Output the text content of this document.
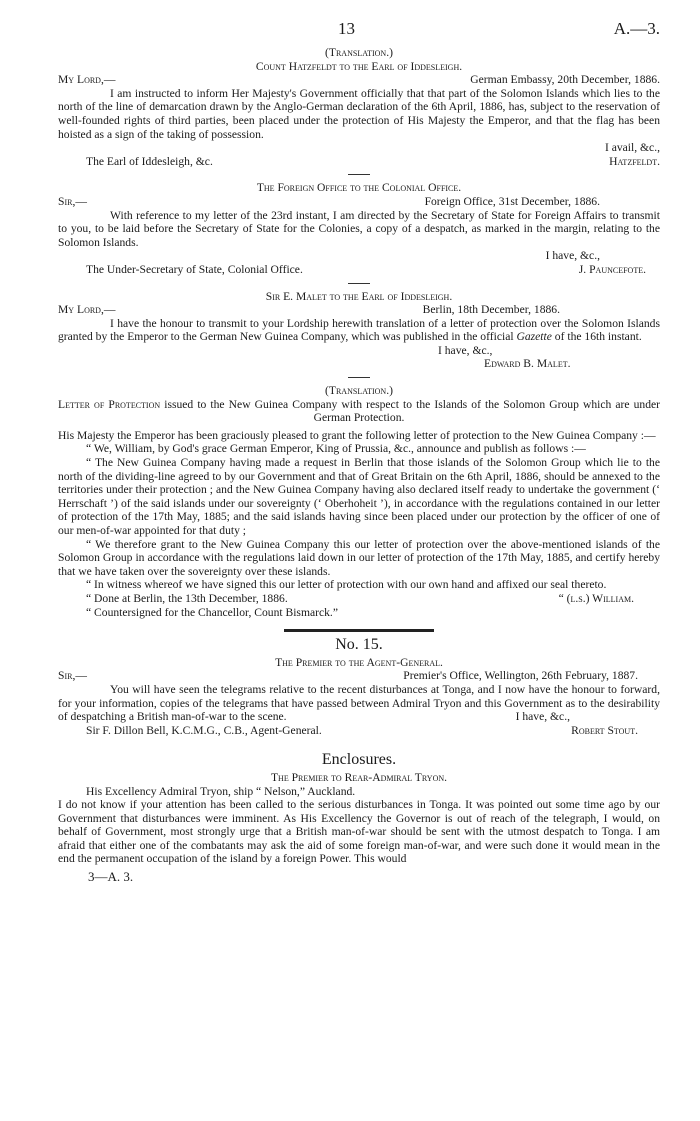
13	A.—3.
(Translation.)
Count Hatzfeldt to the Earl of Iddesleigh.
My Lord,—	German Embassy, 20th December, 1886.

I am instructed to inform Her Majesty's Government officially that that part of the Solomon Islands which lies to the north of the line of demarcation drawn by the Anglo-German declaration of the 6th April, 1886, has, subject to the reservation of well-founded rights of third parties, been placed under the protection of His Majesty the Emperor, and that the flag has been hoisted as a sign of the taking of possession.

I avail, &c.,
The Earl of Iddesleigh, &c.	Hatzfeldt.
The Foreign Office to the Colonial Office.
Sir,—	Foreign Office, 31st December, 1886.

With reference to my letter of the 23rd instant, I am directed by the Secretary of State for Foreign Affairs to transmit to you, to be laid before the Secretary of State for the Colonies, a copy of a despatch, as marked in the margin, relating to the Solomon Islands.

I have, &c.,
The Under-Secretary of State, Colonial Office.	J. Pauncefote.
Sir E. Malet to the Earl of Iddesleigh.
My Lord,—	Berlin, 18th December, 1886.

I have the honour to transmit to your Lordship herewith translation of a letter of protection over the Solomon Islands granted by the Emperor to the German New Guinea Company, which was published in the official Gazette of the 16th instant.

I have, &c.,
Edward B. Malet.
(Translation.)

Letter of Protection issued to the New Guinea Company with respect to the Islands of the Solomon Group which are under German Protection.

His Majesty the Emperor has been graciously pleased to grant the following letter of protection to the New Guinea Company :—

“ We, William, by God's grace German Emperor, King of Prussia, &c., announce and publish as follows :—

“ The New Guinea Company having made a request in Berlin that those islands of the Solomon Group which lie to the north of the dividing-line agreed to by our Government and that of Great Britain on the 6th April, 1886, should be annexed to the territories under their protection ; and the New Guinea Company having also declared itself ready to undertake the government (‘ Herrschaft ’) of the said islands under our sovereignty (‘ Oberhoheit ’), in accordance with the regulations contained in our letter of protection of the 17th May, 1885; and the said islands having since been placed under our protection by the officer of one of our men-of-war appointed for that duty ;

“ We therefore grant to the New Guinea Company this our letter of protection over the above-mentioned islands of the Solomon Group in accordance with the regulations laid down in our letter of protection of the 17th May, 1885, and certify hereby that we have taken over the sovereignty over these islands.

“ In witness whereof we have signed this our letter of protection with our own hand and affixed our seal thereto.

“ Done at Berlin, the 13th December, 1886.	“ (l.s.) William.
“ Countersigned for the Chancellor, Count Bismarck.”
No. 15.
The Premier to the Agent-General.
Sir,—	Premier's Office, Wellington, 26th February, 1887.

You will have seen the telegrams relative to the recent disturbances at Tonga, and I now have the honour to forward, for your information, copies of the telegrams that have passed between Admiral Tryon and this Government as to the desirability of despatching a British man-of-war to the scene.	I have, &c.,
Sir F. Dillon Bell, K.C.M.G., C.B., Agent-General.	Robert Stout.
Enclosures.
The Premier to Rear-Admiral Tryon.
His Excellency Admiral Tryon, ship “ Nelson,” Auckland.

I do not know if your attention has been called to the serious disturbances in Tonga. It was pointed out some time ago by our Government that disturbances were imminent. As His Excellency the Governor is out of reach of the telegraph, I would, on behalf of Government, most strongly urge that a British man-of-war should be sent with the utmost despatch to Tonga. I am afraid that either one of the combatants may ask the aid of some foreign man-of-war, and were such done it would mean in the end the permanent occupation of the island by a foreign Power. This would

3—A. 3.
